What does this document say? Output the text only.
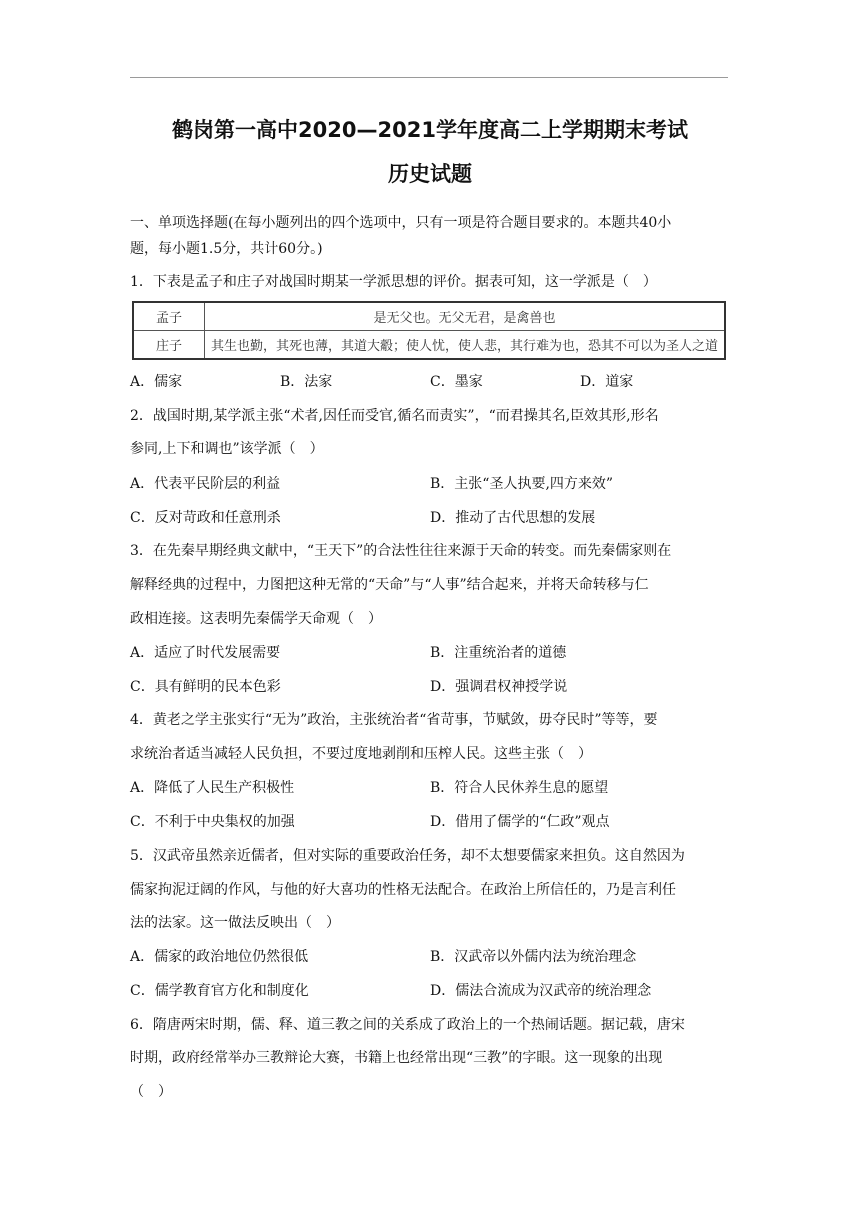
鹤岗第一高中2020—2021学年度高二上学期期末考试
历史试题
一、单项选择题(在每小题列出的四个选项中，只有一项是符合题目要求的。本题共40小
题，每小题1.5分，共计60分。)
1．下表是孟子和庄子对战国时期某一学派思想的评价。据表可知，这一学派是（　）
孟子	是无父也。无父无君，是禽兽也
庄子	其生也勤，其死也薄，其道大觳；使人忧，使人悲，其行难为也，恐其不可以为圣人之道
A．儒家	B．法家	C．墨家	D．道家
2．战国时期,某学派主张“术者,因任而受官,循名而责实”，“而君操其名,臣效其形,形名
参同,上下和调也”该学派（　）
A．代表平民阶层的利益	B．主张“圣人执要,四方来效”
C．反对苛政和任意刑杀	D．推动了古代思想的发展
3．在先秦早期经典文献中，“王天下”的合法性往往来源于天命的转变。而先秦儒家则在
解释经典的过程中，力图把这种无常的“天命”与“人事”结合起来，并将天命转移与仁
政相连接。这表明先秦儒学天命观（　）
A．适应了时代发展需要	B．注重统治者的道德
C．具有鲜明的民本色彩	D．强调君权神授学说
4．黄老之学主张实行“无为”政治，主张统治者“省苛事，节赋敛，毋夺民时”等等，要
求统治者适当减轻人民负担，不要过度地剥削和压榨人民。这些主张（　）
A．降低了人民生产积极性	B．符合人民休养生息的愿望
C．不利于中央集权的加强	D．借用了儒学的“仁政”观点
5．汉武帝虽然亲近儒者，但对实际的重要政治任务，却不太想要儒家来担负。这自然因为
儒家拘泥迂阔的作风，与他的好大喜功的性格无法配合。在政治上所信任的，乃是言利任
法的法家。这一做法反映出（　）
A．儒家的政治地位仍然很低	B．汉武帝以外儒内法为统治理念
C．儒学教育官方化和制度化	D．儒法合流成为汉武帝的统治理念
6．隋唐两宋时期，儒、释、道三教之间的关系成了政治上的一个热闹话题。据记载，唐宋
时期，政府经常举办三教辩论大赛，书籍上也经常出现“三教”的字眼。这一现象的出现
（　）
